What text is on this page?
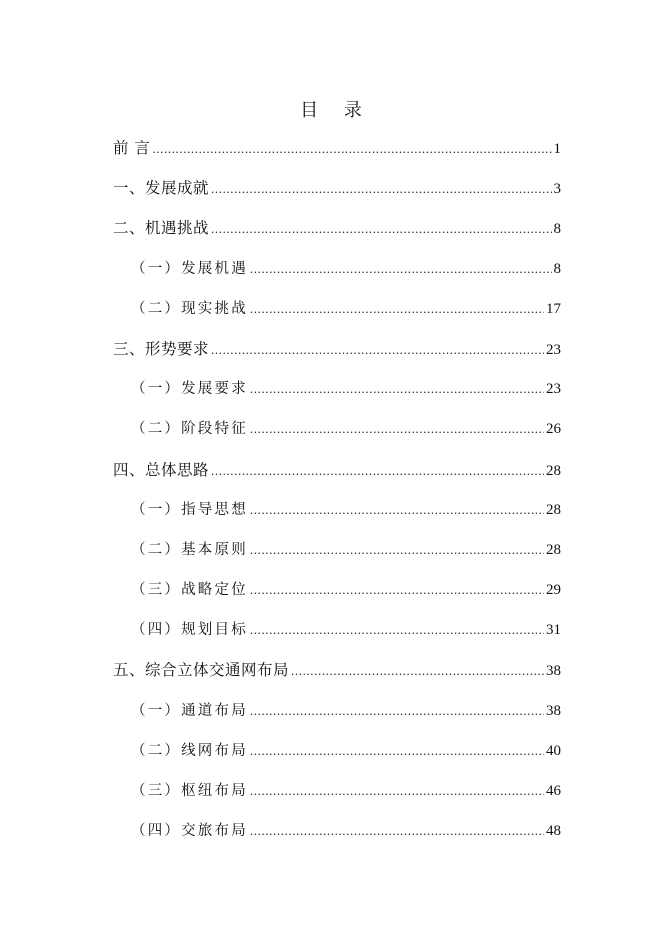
目 录
前 言 .....	1
一、发展成就 .....	3
二、机遇挑战 .....	8
（一）发展机遇 .....	8
（二）现实挑战 .....	17
三、形势要求 .....	23
（一）发展要求 .....	23
（二）阶段特征 .....	26
四、总体思路 .....	28
（一）指导思想 .....	28
（二）基本原则 .....	28
（三）战略定位 .....	29
（四）规划目标 .....	31
五、综合立体交通网布局 .....	38
（一）通道布局 .....	38
（二）线网布局 .....	40
（三）枢纽布局 .....	46
（四）交旅布局 .....	48
